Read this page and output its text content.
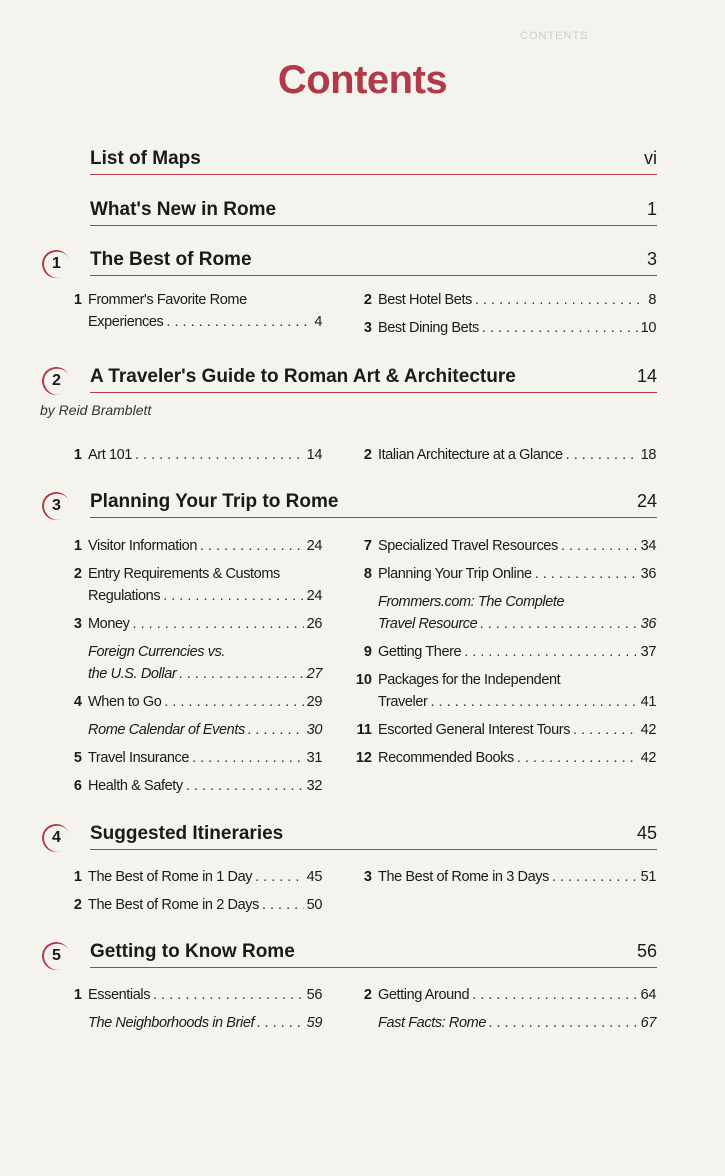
CONTENTS
Contents
List of Maps	vi
What's New in Rome	1
1 The Best of Rome	3
1 Frommer's Favorite Rome
Experiences . . .	4
2 Best Hotel Bets . . .	8
3 Best Dining Bets . . .	10
2 A Traveler's Guide to Roman Art & Architecture	14
by Reid Bramblett
1 Art 101 . . .	14	2 Italian Architecture at a Glance . . .	18
3 Planning Your Trip to Rome	24
1 Visitor Information . . .	24
2 Entry Requirements & Customs
Regulations . . .	24
3 Money . . .	26
Foreign Currencies vs.
the U.S. Dollar . . .	27
4 When to Go . . .	29
Rome Calendar of Events . . .	30
5 Travel Insurance . . .	31
6 Health & Safety . . .	32
7 Specialized Travel Resources . . .	34
8 Planning Your Trip Online . . .	36
Frommers.com: The Complete
Travel Resource . . .	36
9 Getting There . . .	37
10 Packages for the Independent
Traveler . . .	41
11 Escorted General Interest Tours . . .	42
12 Recommended Books . . .	42
4 Suggested Itineraries	45
1 The Best of Rome in 1 Day . . .	45
2 The Best of Rome in 2 Days . . .	50
3 The Best of Rome in 3 Days . . .	51
5 Getting to Know Rome	56
1 Essentials . . .	56
The Neighborhoods in Brief . . .	59
2 Getting Around . . .	64
Fast Facts: Rome . . .	67
